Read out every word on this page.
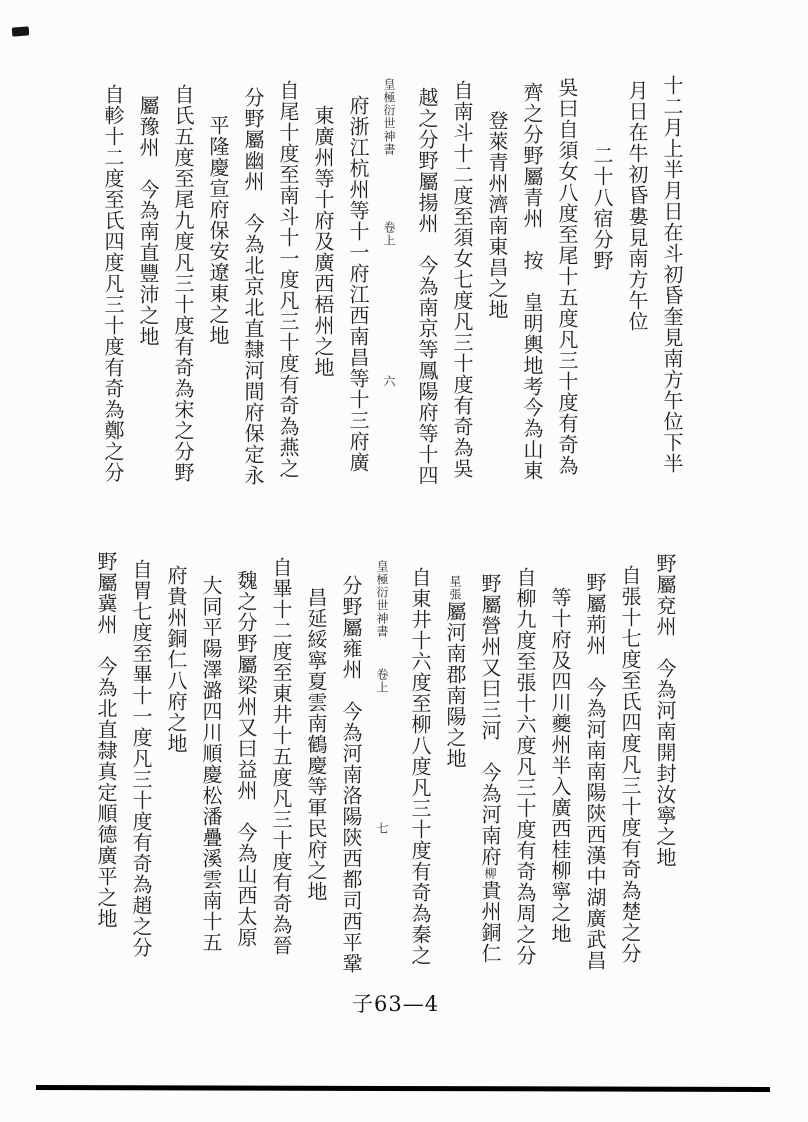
十二月上半月日在斗初昏奎見南方午位下半
月日在牛初昏婁見南方午位
二十八宿分野
吳曰自須女八度至尾十五度凡三十度有奇為
齊之分野屬青州　按　皇明輿地考今為山東
登萊青州濟南東昌之地
自南斗十二度至須女七度凡三十度有奇為吳
越之分野屬揚州　今為南京等鳳陽府等十四
皇極衍世神書卷上六
府浙江杭州等十一府江西南昌等十三府廣
東廣州等十府及廣西梧州之地
自尾十度至南斗十一度凡三十度有奇為燕之
分野屬幽州　今為北京北直隸河間府保定永
平隆慶宣府保安遼東之地
自氏五度至尾九度凡三十度有奇為宋之分野
屬豫州　今為南直豐沛之地
自軫十二度至氏四度凡三十度有奇為鄭之分
野屬兗州　今為河南開封汝寧之地
自張十七度至氏四度凡三十度有奇為楚之分
野屬荊州　今為河南南陽陝西漢中湖廣武昌
等十府及四川夔州半入廣西桂柳寧之地
自柳九度至張十六度凡三十度有奇為周之分
野屬營州又曰三河　今為河南府柳貴州銅仁
星張屬河南郡南陽之地
自東井十六度至柳八度凡三十度有奇為秦之
皇極衍世神書卷上七
分野屬雍州　今為河南洛陽陝西都司西平鞏
昌延綏寧夏雲南鶴慶等軍民府之地
自畢十二度至東井十五度凡三十度有奇為晉
魏之分野屬梁州又曰益州　今為山西太原
大同平陽澤潞四川順慶松潘疊溪雲南十五
府貴州銅仁八府之地
自胃七度至畢十一度凡三十度有奇為趙之分
野屬冀州　今為北直隸真定順德廣平之地
子63—4
